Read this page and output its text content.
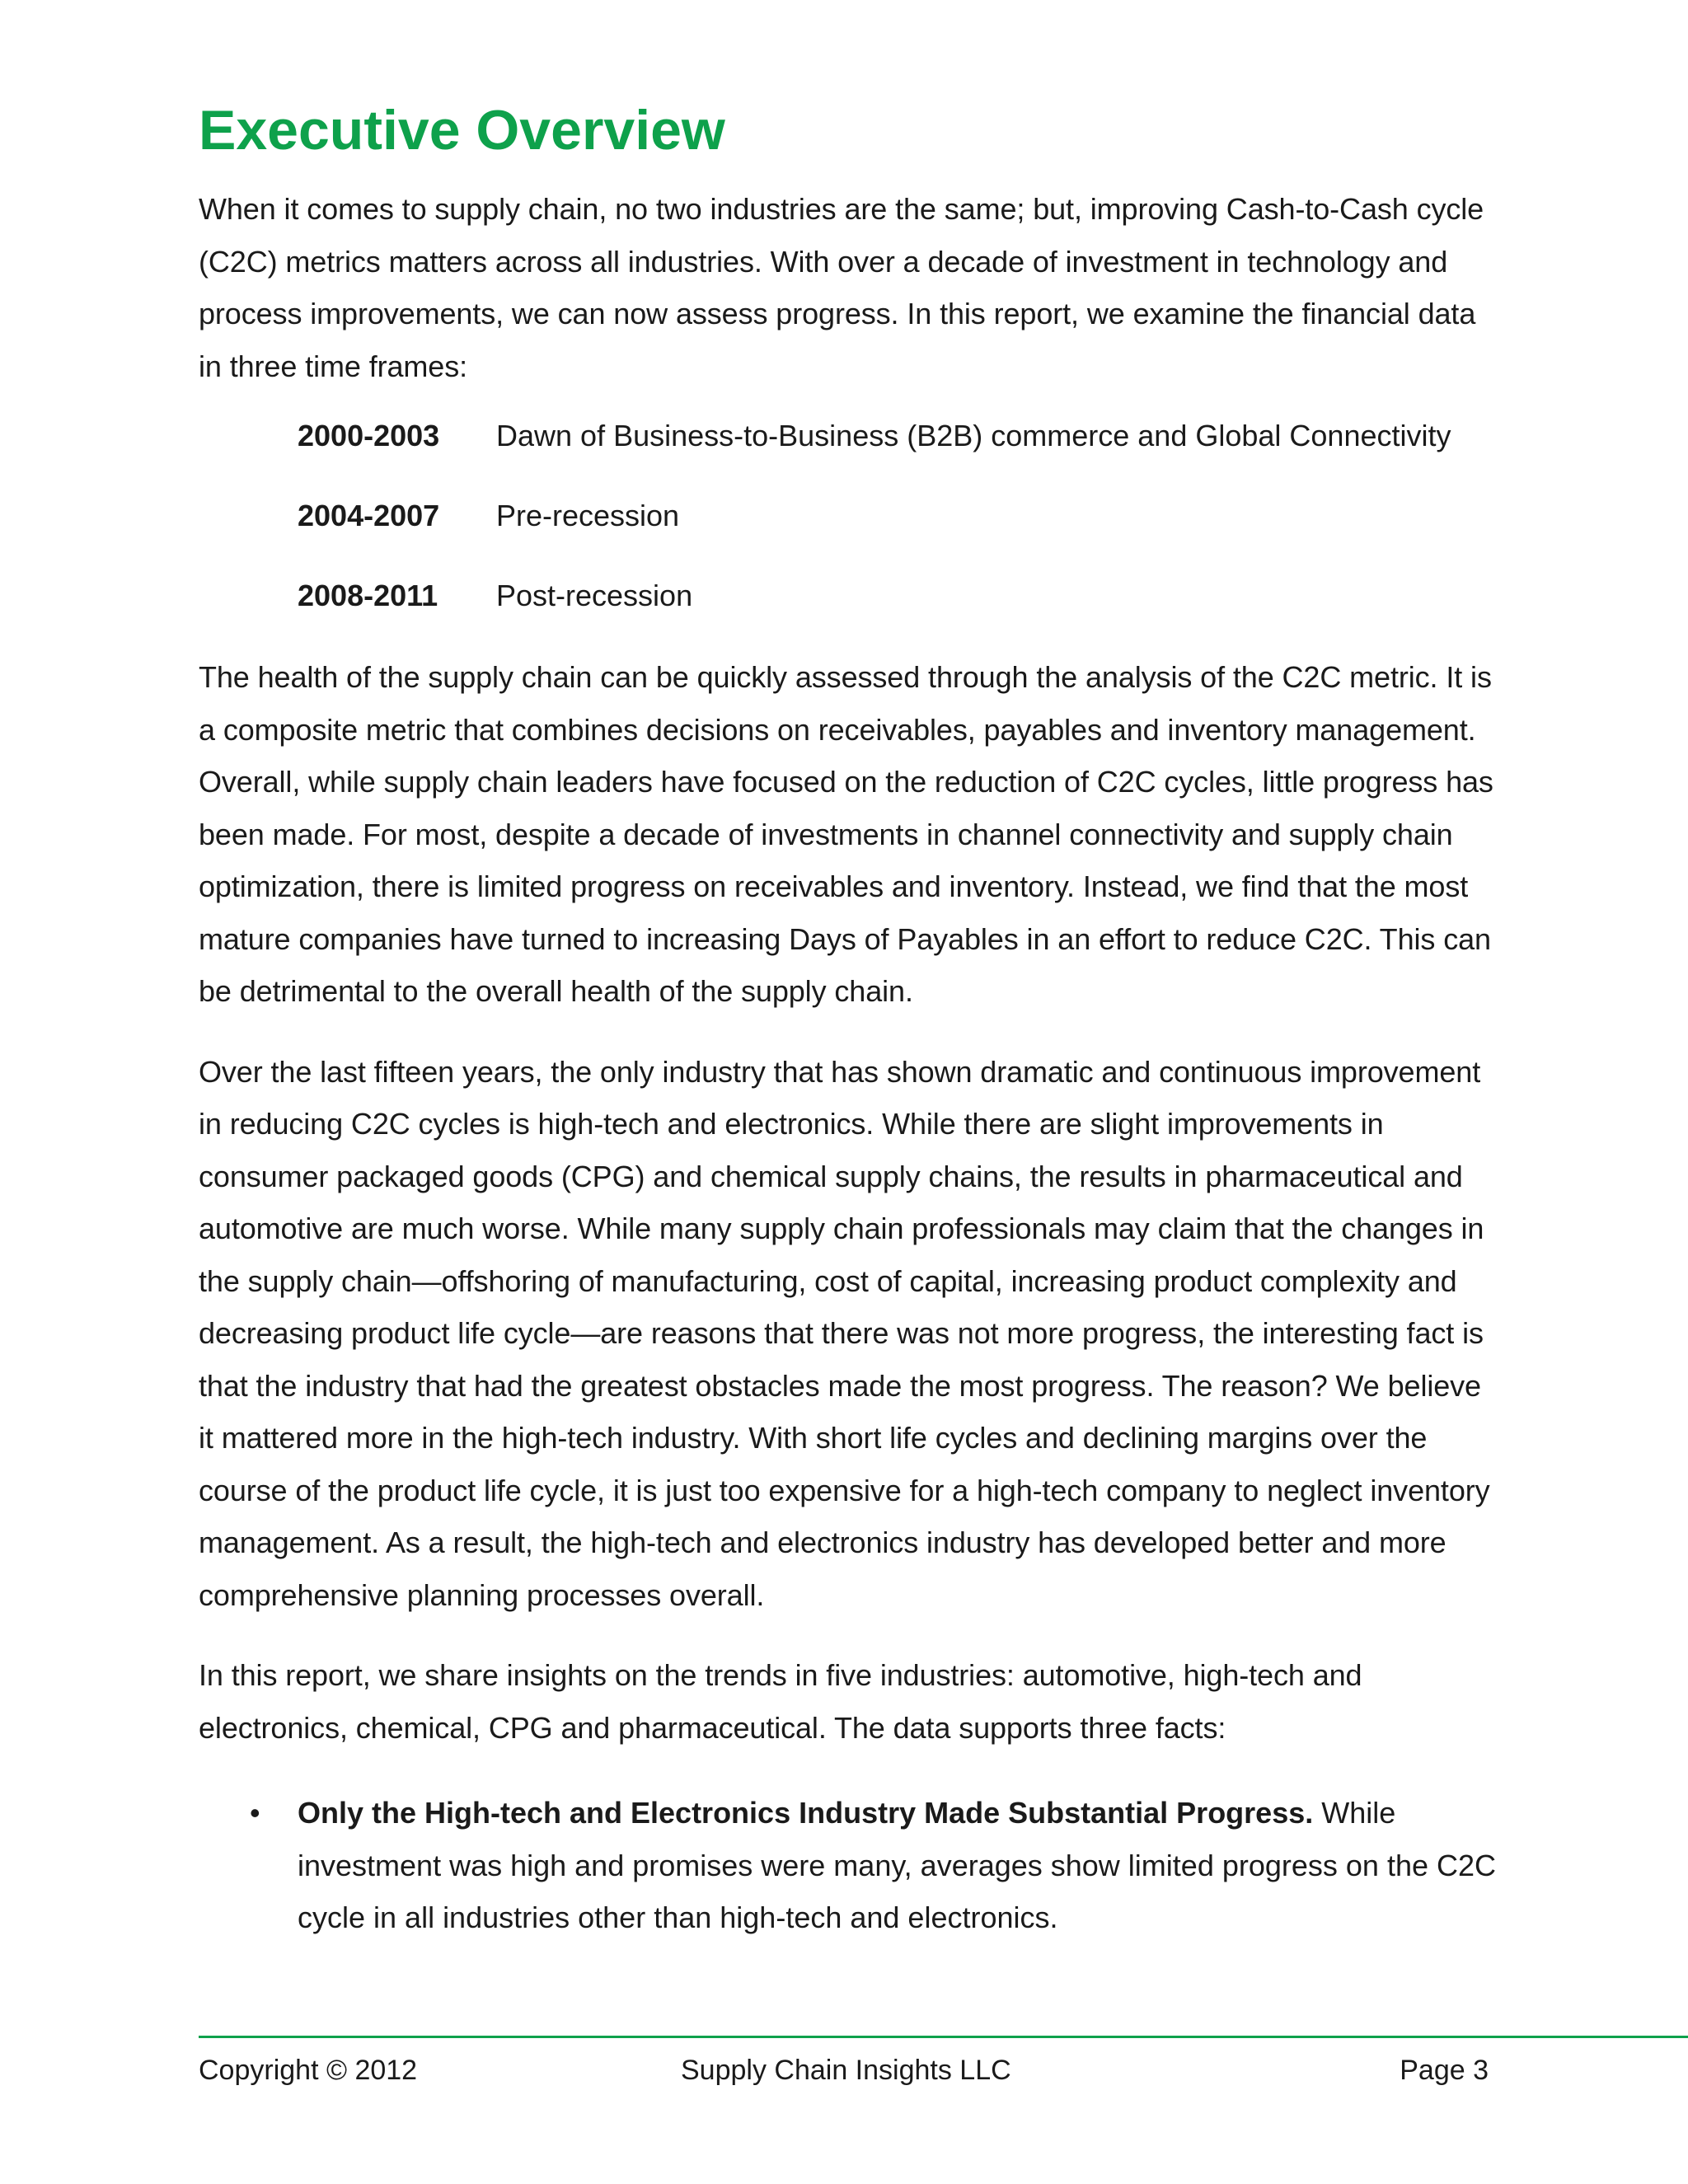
Executive Overview

When it comes to supply chain, no two industries are the same; but, improving Cash-to-Cash cycle (C2C) metrics matters across all industries. With over a decade of investment in technology and process improvements, we can now assess progress. In this report, we examine the financial data in three time frames:

2000-2003	Dawn of Business-to-Business (B2B) commerce and Global Connectivity
2004-2007	Pre-recession
2008-2011	Post-recession

The health of the supply chain can be quickly assessed through the analysis of the C2C metric. It is a composite metric that combines decisions on receivables, payables and inventory management. Overall, while supply chain leaders have focused on the reduction of C2C cycles, little progress has been made. For most, despite a decade of investments in channel connectivity and supply chain optimization, there is limited progress on receivables and inventory. Instead, we find that the most mature companies have turned to increasing Days of Payables in an effort to reduce C2C. This can be detrimental to the overall health of the supply chain.

Over the last fifteen years, the only industry that has shown dramatic and continuous improvement in reducing C2C cycles is high-tech and electronics. While there are slight improvements in consumer packaged goods (CPG) and chemical supply chains, the results in pharmaceutical and automotive are much worse. While many supply chain professionals may claim that the changes in the supply chain—offshoring of manufacturing, cost of capital, increasing product complexity and decreasing product life cycle—are reasons that there was not more progress, the interesting fact is that the industry that had the greatest obstacles made the most progress. The reason? We believe it mattered more in the high-tech industry. With short life cycles and declining margins over the course of the product life cycle, it is just too expensive for a high-tech company to neglect inventory management. As a result, the high-tech and electronics industry has developed better and more comprehensive planning processes overall.

In this report, we share insights on the trends in five industries: automotive, high-tech and electronics, chemical, CPG and pharmaceutical. The data supports three facts:

• Only the High-tech and Electronics Industry Made Substantial Progress. While investment was high and promises were many, averages show limited progress on the C2C cycle in all industries other than high-tech and electronics.
Copyright © 2012	Supply Chain Insights LLC	Page 3
